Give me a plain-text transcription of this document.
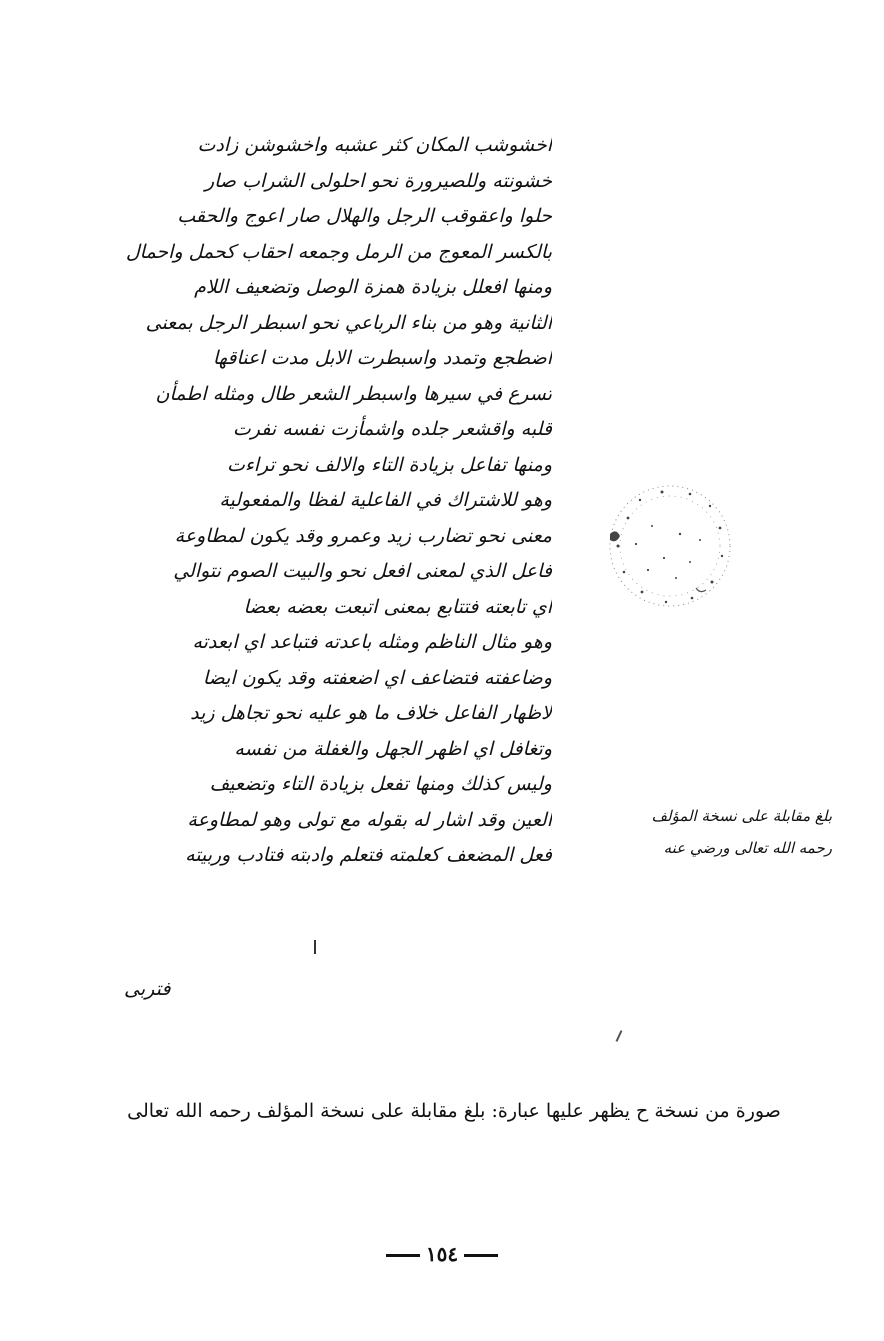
اخشوشب المكان كثر عشبه واخشوشن زادت
خشونته وللصيرورة نحو احلولى الشراب صار
حلوا واعقوقب الرجل والهلال صار اعوج والحقب
بالكسر المعوج من الرمل وجمعه احقاب كحمل واحمال
ومنها افعلل بزيادة همزة الوصل وتضعيف اللام
الثانية وهو من بناء الرباعي نحو اسبطر الرجل بمعنى
اضطجع وتمدد واسبطرت الابل مدت اعناقها
تسرع في سيرها واسبطر الشعر طال ومثله اطمأن
قلبه واقشعر جلده واشمأزت نفسه نفرت
ومنها تفاعل بزيادة التاء والالف نحو تراءت
وهو للاشتراك في الفاعلية لفظا والمفعولية
معنى نحو تضارب زيد وعمرو وقد يكون لمطاوعة
فاعل الذي لمعنى افعل نحو والبيت الصوم نتوالي
اي تابعته فتتابع بمعنى اتبعت بعضه بعضا
وهو مثال الناظم ومثله باعدته فتباعد اي ابعدته
وضاعفته فتضاعف اي اضعفته وقد يكون ايضا
لاظهار الفاعل خلاف ما هو عليه نحو تجاهل زيد
وتغافل اي اظهر الجهل والغفلة من نفسه
وليس كذلك ومنها تفعل بزيادة التاء وتضعيف
العين وقد اشار له بقوله مع تولى وهو لمطاوعة
فعل المضعف كعلمته فتعلم وادبته فتادب وربيته
فتربى
بلغ مقابلة على نسخة المؤلف
رحمه الله تعالى ورضي عنه
صورة من نسخة ح يظهر عليها عبارة: بلغ مقابلة على نسخة المؤلف رحمه الله تعالى
١٥٤
